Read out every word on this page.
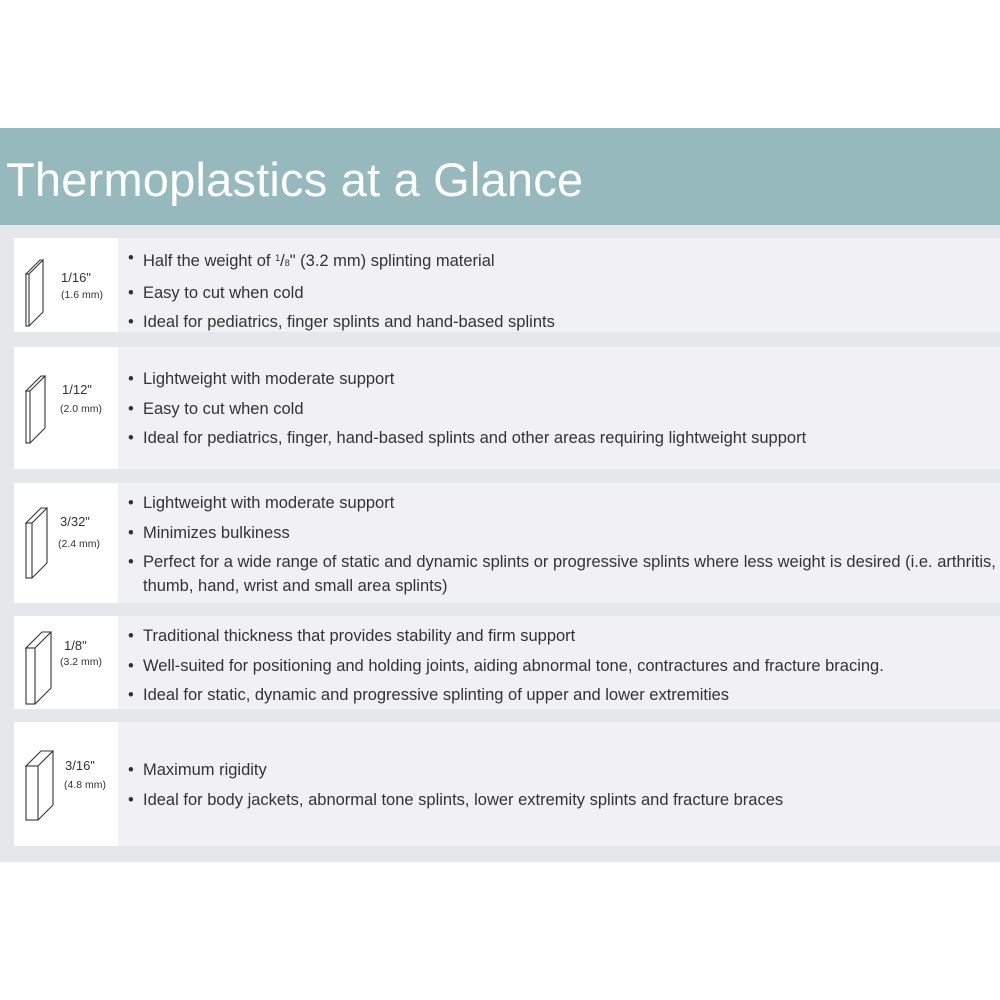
Thermoplastics at a Glance
1/16"
(1.6 mm)
• Half the weight of $^1$/8" (3.2 mm) splinting material
• Easy to cut when cold
• Ideal for pediatrics, finger splints and hand-based splints
1/12"
(2.0 mm)
• Lightweight with moderate support
• Easy to cut when cold
• Ideal for pediatrics, finger, hand-based splints and other areas requiring lightweight support
3/32"
(2.4 mm)
• Lightweight with moderate support
• Minimizes bulkiness
• Perfect for a wide range of static and dynamic splints or progressive splints where less weight is desired (i.e. arthritis, thumb, hand, wrist and small area splints)
1/8"
(3.2 mm)
• Traditional thickness that provides stability and firm support
• Well-suited for positioning and holding joints, aiding abnormal tone, contractures and fracture bracing.
• Ideal for static, dynamic and progressive splinting of upper and lower extremities
3/16"
(4.8 mm)
• Maximum rigidity
• Ideal for body jackets, abnormal tone splints, lower extremity splints and fracture braces
